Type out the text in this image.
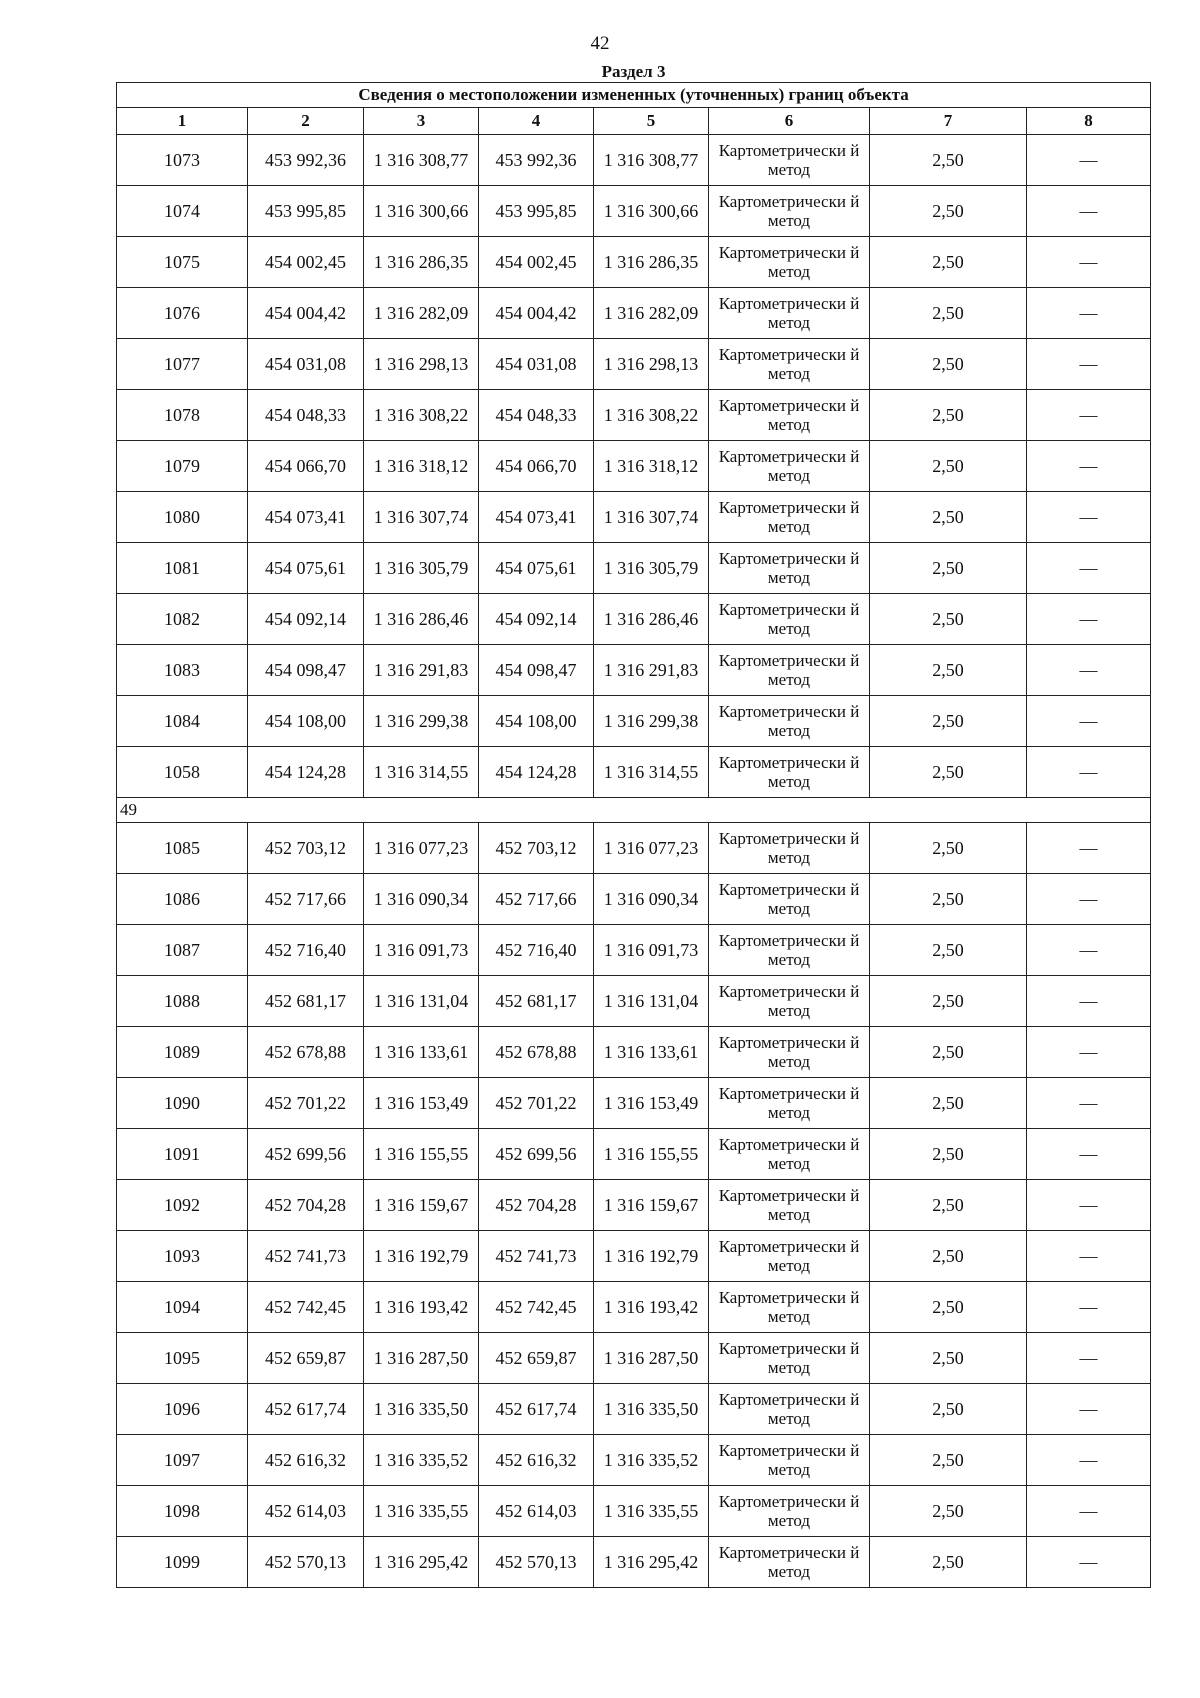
42
Раздел 3							
Сведения о местоположении измененных (уточненных) границ объекта							
1	2	3	4	5	6	7	8
1073	453 992,36	1 316 308,77	453 992,36	1 316 308,77	Картометрически й метод	2,50	—
1074	453 995,85	1 316 300,66	453 995,85	1 316 300,66	Картометрически й метод	2,50	—
1075	454 002,45	1 316 286,35	454 002,45	1 316 286,35	Картометрически й метод	2,50	—
1076	454 004,42	1 316 282,09	454 004,42	1 316 282,09	Картометрически й метод	2,50	—
1077	454 031,08	1 316 298,13	454 031,08	1 316 298,13	Картометрически й метод	2,50	—
1078	454 048,33	1 316 308,22	454 048,33	1 316 308,22	Картометрически й метод	2,50	—
1079	454 066,70	1 316 318,12	454 066,70	1 316 318,12	Картометрически й метод	2,50	—
1080	454 073,41	1 316 307,74	454 073,41	1 316 307,74	Картометрически й метод	2,50	—
1081	454 075,61	1 316 305,79	454 075,61	1 316 305,79	Картометрически й метод	2,50	—
1082	454 092,14	1 316 286,46	454 092,14	1 316 286,46	Картометрически й метод	2,50	—
1083	454 098,47	1 316 291,83	454 098,47	1 316 291,83	Картометрически й метод	2,50	—
1084	454 108,00	1 316 299,38	454 108,00	1 316 299,38	Картометрически й метод	2,50	—
1058	454 124,28	1 316 314,55	454 124,28	1 316 314,55	Картометрически й метод	2,50	—
49							
1085	452 703,12	1 316 077,23	452 703,12	1 316 077,23	Картометрически й метод	2,50	—
1086	452 717,66	1 316 090,34	452 717,66	1 316 090,34	Картометрически й метод	2,50	—
1087	452 716,40	1 316 091,73	452 716,40	1 316 091,73	Картометрически й метод	2,50	—
1088	452 681,17	1 316 131,04	452 681,17	1 316 131,04	Картометрически й метод	2,50	—
1089	452 678,88	1 316 133,61	452 678,88	1 316 133,61	Картометрически й метод	2,50	—
1090	452 701,22	1 316 153,49	452 701,22	1 316 153,49	Картометрически й метод	2,50	—
1091	452 699,56	1 316 155,55	452 699,56	1 316 155,55	Картометрически й метод	2,50	—
1092	452 704,28	1 316 159,67	452 704,28	1 316 159,67	Картометрически й метод	2,50	—
1093	452 741,73	1 316 192,79	452 741,73	1 316 192,79	Картометрически й метод	2,50	—
1094	452 742,45	1 316 193,42	452 742,45	1 316 193,42	Картометрически й метод	2,50	—
1095	452 659,87	1 316 287,50	452 659,87	1 316 287,50	Картометрически й метод	2,50	—
1096	452 617,74	1 316 335,50	452 617,74	1 316 335,50	Картометрически й метод	2,50	—
1097	452 616,32	1 316 335,52	452 616,32	1 316 335,52	Картометрически й метод	2,50	—
1098	452 614,03	1 316 335,55	452 614,03	1 316 335,55	Картометрически й метод	2,50	—
1099	452 570,13	1 316 295,42	452 570,13	1 316 295,42	Картометрически й метод	2,50	—
